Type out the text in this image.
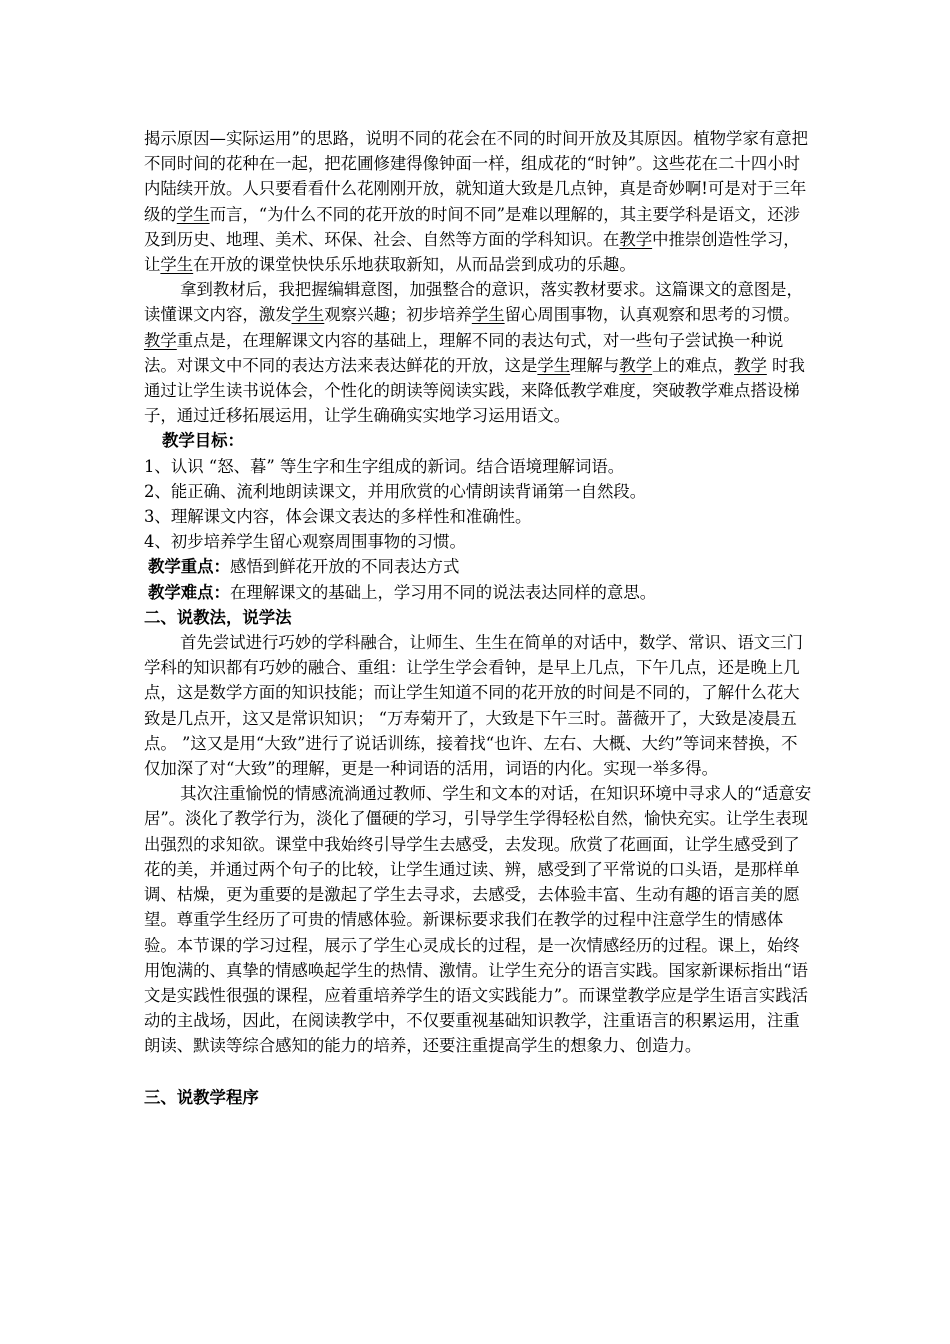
揭示原因—实际运用”的思路，说明不同的花会在不同的时间开放及其原因。植物学家有意把不同时间的花种在一起，把花圃修建得像钟面一样，组成花的“时钟”。这些花在二十四小时内陆续开放。人只要看看什么花刚刚开放，就知道大致是几点钟，真是奇妙啊!可是对于三年级的学生而言，“为什么不同的花开放的时间不同”是难以理解的，其主要学科是语文，还涉及到历史、地理、美术、环保、社会、自然等方面的学科知识。在教学中推崇创造性学习，让学生在开放的课堂快快乐乐地获取新知，从而品尝到成功的乐趣。

拿到教材后，我把握编辑意图，加强整合的意识，落实教材要求。这篇课文的意图是，读懂课文内容，激发学生观察兴趣；初步培养学生留心周围事物，认真观察和思考的习惯。教学重点是，在理解课文内容的基础上，理解不同的表达句式，对一些句子尝试换一种说法。对课文中不同的表达方法来表达鲜花的开放，这是学生理解与教学上的难点，教学 时我通过让学生读书说体会，个性化的朗读等阅读实践，来降低教学难度，突破教学难点搭设梯子，通过迁移拓展运用，让学生确确实实地学习运用语文。

教学目标：

1、认识 “怒、暮” 等生字和生字组成的新词。结合语境理解词语。

2、能正确、流利地朗读课文，并用欣赏的心情朗读背诵第一自然段。

3、理解课文内容，体会课文表达的多样性和准确性。

4、初步培养学生留心观察周围事物的习惯。

教学重点：感悟到鲜花开放的不同表达方式

教学难点：在理解课文的基础上，学习用不同的说法表达同样的意思。

二、说教法，说学法

首先尝试进行巧妙的学科融合，让师生、生生在简单的对话中，数学、常识、语文三门学科的知识都有巧妙的融合、重组：让学生学会看钟，是早上几点，下午几点，还是晚上几点，这是数学方面的知识技能；而让学生知道不同的花开放的时间是不同的，了解什么花大致是几点开，这又是常识知识； “万寿菊开了，大致是下午三时。蔷薇开了，大致是凌晨五点。 ”这又是用“大致”进行了说话训练，接着找“也许、左右、大概、大约”等词来替换，不仅加深了对“大致”的理解，更是一种词语的活用，词语的内化。实现一举多得。

其次注重愉悦的情感流淌通过教师、学生和文本的对话，在知识环境中寻求人的“适意安居”。淡化了教学行为，淡化了僵硬的学习，引导学生学得轻松自然，愉快充实。让学生表现出强烈的求知欲。课堂中我始终引导学生去感受，去发现。欣赏了花画面，让学生感受到了花的美，并通过两个句子的比较，让学生通过读、辨，感受到了平常说的口头语，是那样单调、枯燥，更为重要的是激起了学生去寻求，去感受，去体验丰富、生动有趣的语言美的愿望。尊重学生经历了可贵的情感体验。新课标要求我们在教学的过程中注意学生的情感体验。本节课的学习过程，展示了学生心灵成长的过程，是一次情感经历的过程。课上，始终用饱满的、真挚的情感唤起学生的热情、激情。让学生充分的语言实践。国家新课标指出“语文是实践性很强的课程，应着重培养学生的语文实践能力”。而课堂教学应是学生语言实践活动的主战场，因此，在阅读教学中，不仅要重视基础知识教学，注重语言的积累运用，注重朗读、默读等综合感知的能力的培养，还要注重提高学生的想象力、创造力。

三、说教学程序
